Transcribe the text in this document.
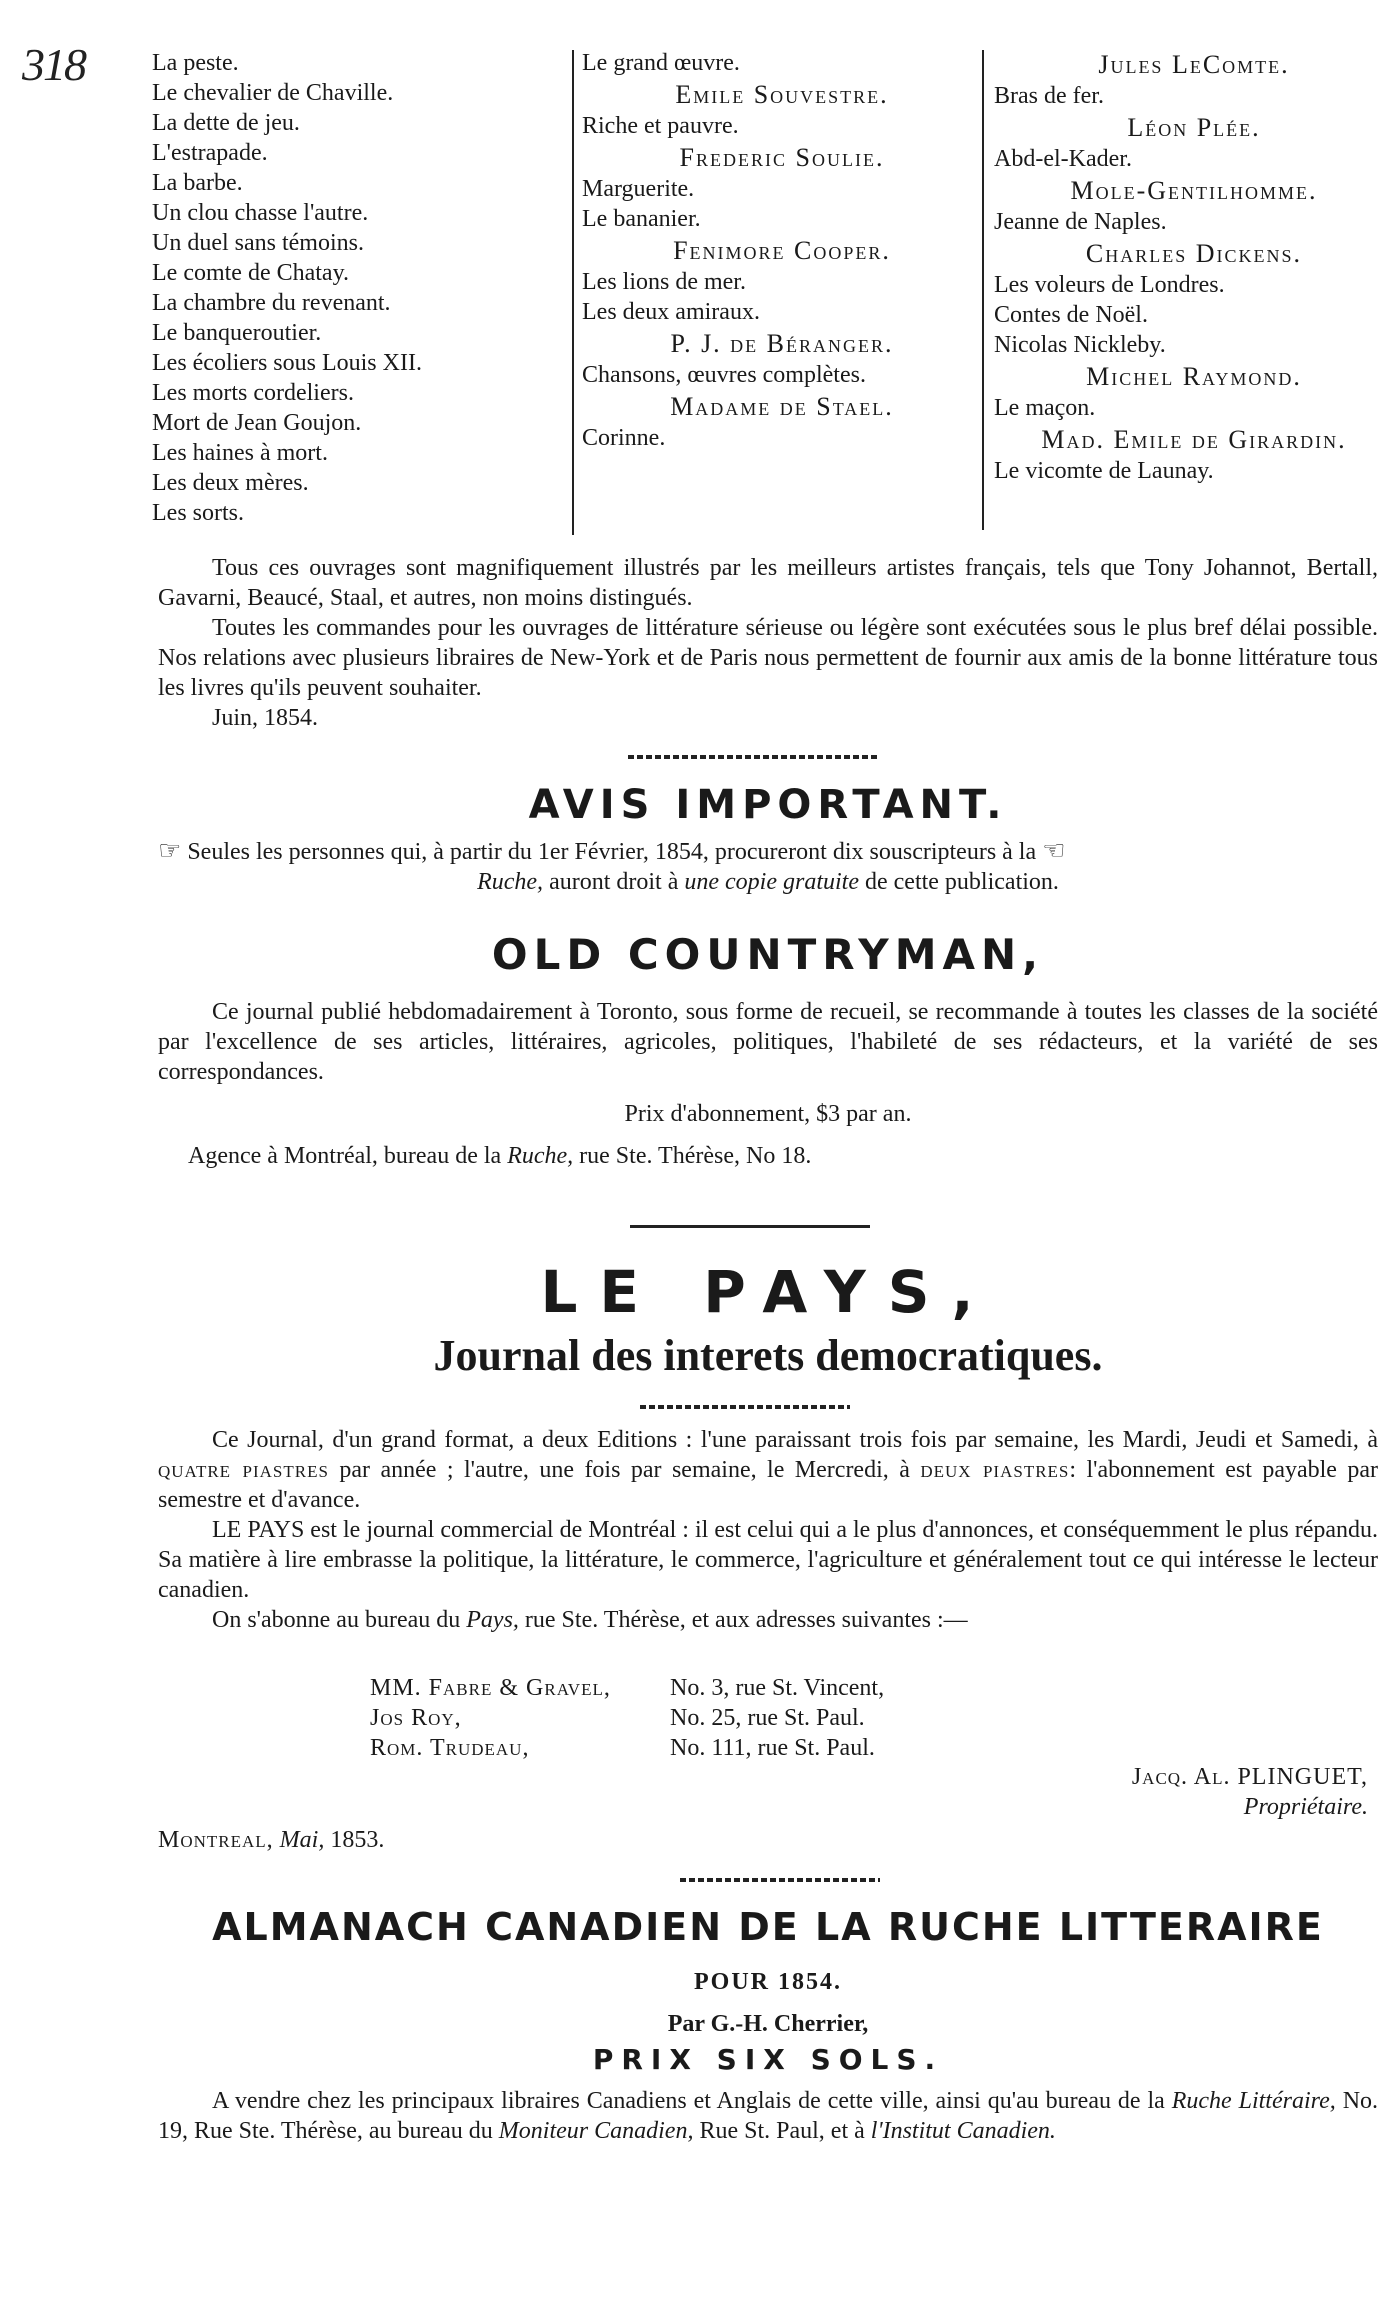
318	La peste.
Le chevalier de Chaville.
La dette de jeu.
L'estrapade.
La barbe.
Un clou chasse l'autre.
Un duel sans témoins.
Le comte de Chatay.
La chambre du revenant.
Le banqueroutier.
Les écoliers sous Louis XII.
Les morts cordeliers.
Mort de Jean Goujon.
Les haines à mort.
Les deux mères.
Les sorts.
Le grand œuvre.
Emile Souvestre.
Riche et pauvre.
Frederic Soulie.
Marguerite.
Le bananier.
Fenimore Cooper.
Les lions de mer.
Les deux amiraux.
P. J. de Béranger.
Chansons, œuvres complètes.
Madame de Stael.
Corinne.
Jules LeComte.
Bras de fer.
Léon Plée.
Abd-el-Kader.
Mole-Gentilhomme.
Jeanne de Naples.
Charles Dickens.
Les voleurs de Londres.
Contes de Noël.
Nicolas Nickleby.
Michel Raymond.
Le maçon.
Mad. Emile de Girardin.
Le vicomte de Launay.
Tous ces ouvrages sont magnifiquement illustrés par les meilleurs artistes français, tels que Tony Johannot, Bertall, Gavarni, Beaucé, Staal, et autres, non moins distingués.
Toutes les commandes pour les ouvrages de littérature sérieuse ou légère sont exécutées sous le plus bref délai possible. Nos relations avec plusieurs libraires de New-York et de Paris nous permettent de fournir aux amis de la bonne littérature tous les livres qu'ils peuvent souhaiter.
Juin, 1854.
AVIS IMPORTANT.
☞ Seules les personnes qui, à partir du 1er Février, 1854, procureront dix souscripteurs à la ☜
Ruche, auront droit à une copie gratuite de cette publication.
OLD COUNTRYMAN,
Ce journal publié hebdomadairement à Toronto, sous forme de recueil, se recommande à toutes les classes de la société par l'excellence de ses articles, littéraires, agricoles, politiques, l'habileté de ses rédacteurs, et la variété de ses correspondances.
Prix d'abonnement, $3 par an.
Agence à Montréal, bureau de la Ruche, rue Ste. Thérèse, No 18.
LE PAYS,
Journal des interets democratiques.
Ce Journal, d'un grand format, a deux Editions : l'une paraissant trois fois par semaine, les Mardi, Jeudi et Samedi, à quatre piastres par année ; l'autre, une fois par semaine, le Mercredi, à deux piastres: l'abonnement est payable par semestre et d'avance.
LE PAYS est le journal commercial de Montréal : il est celui qui a le plus d'annonces, et conséquemment le plus répandu. Sa matière à lire embrasse la politique, la littérature, le commerce, l'agriculture et généralement tout ce qui intéresse le lecteur canadien.
On s'abonne au bureau du Pays, rue Ste. Thérèse, et aux adresses suivantes :—
MM. Fabre & Gravel, No. 3, rue St. Vincent,
Jos Roy,	No. 25, rue St. Paul.
Rom. Trudeau,	No. 111, rue St. Paul.
Jacq. Al. PLINGUET,
Propriétaire.
Montreal, Mai, 1853.
ALMANACH CANADIEN DE LA RUCHE LITTERAIRE
POUR 1854.
Par G.-H. Cherrier,
PRIX SIX SOLS.
A vendre chez les principaux libraires Canadiens et Anglais de cette ville, ainsi qu'au bureau de la Ruche Littéraire, No. 19, Rue Ste. Thérèse, au bureau du Moniteur Canadien, Rue St. Paul, et à l'Institut Canadien.
